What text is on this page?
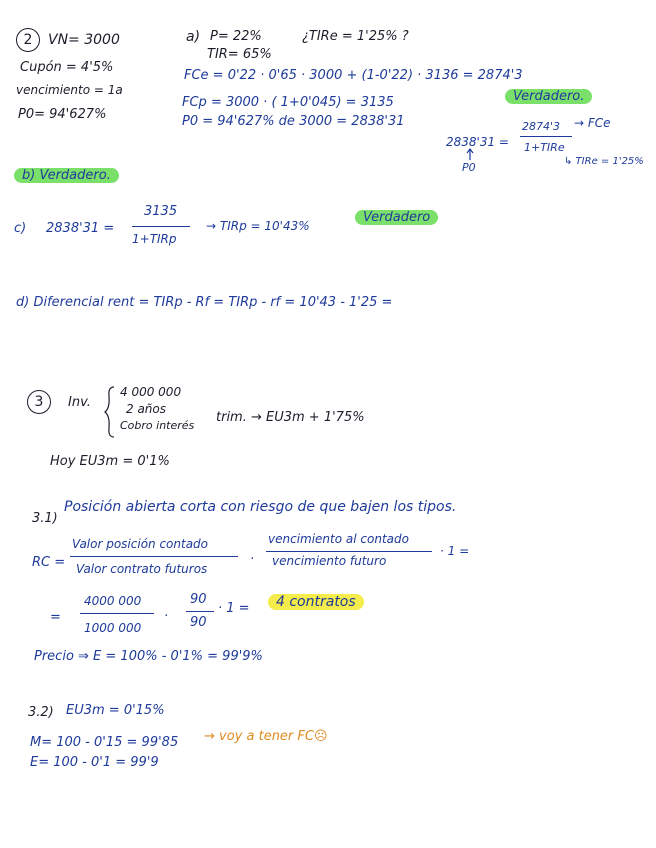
2 VN= 3000
Cupón = 4'5%
vencimiento = 1a
P0= 94'627%
a) P= 22%
TIR= 65%
¿TIRe = 1'25% ?
FCe = 0'22 · 0'65 · 3000 + (1-0'22) · 3136 = 2874'3
FCp = 3000 · ( 1+0'045) = 3135
P0 = 94'627% de 3000 = 2838'31
Verdadero.
2838'31 =
2874'3 → FCe
1+TIRe
P0	↳ TIRe = 1'25%
b) Verdadero.
c) 2838'31 =
3135
1+TIRp
→ TIRp = 10'43%
Verdadero
d) Diferencial rent = TIRp - Rf = TIRp - rf = 10'43 - 1'25 =
3 Inv.
4 000 000
2 años
Cobro interés
trim. → EU3m + 1'75%
Hoy EU3m = 0'1%
3.1)
Posición abierta corta con riesgo de que bajen los tipos.
RC =
Valor posición contado
Valor contrato futuros
·
vencimiento al contado
vencimiento futuro
· 1 =
=
4000 000
1000 000
·
90
90
· 1 =	4 contratos
Precio ⇒ E = 100% - 0'1% = 99'9%
3.2) EU3m = 0'15%
M= 100 - 0'15 = 99'85
E= 100 - 0'1 = 99'9
→ voy a tener FC☹
